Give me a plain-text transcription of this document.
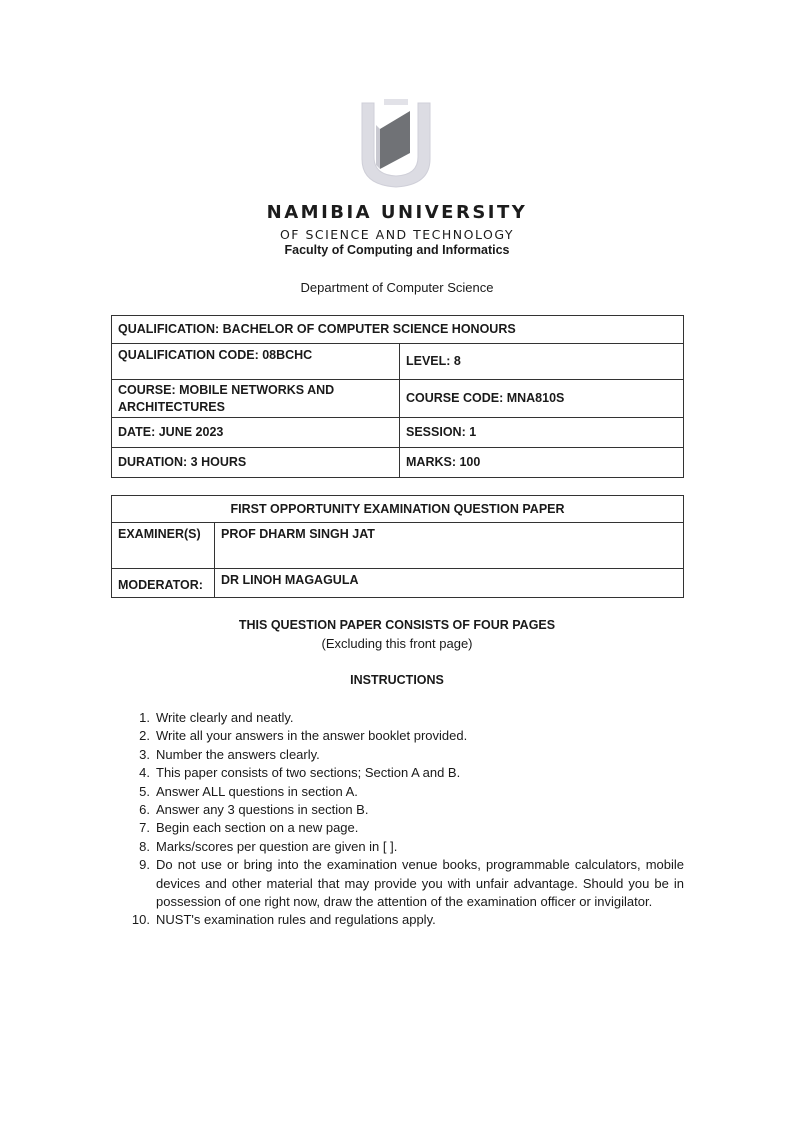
NAMIBIA UNIVERSITY
OF SCIENCE AND TECHNOLOGY
Faculty of Computing and Informatics
Department of Computer Science
QUALIFICATION: BACHELOR OF COMPUTER SCIENCE HONOURS	
QUALIFICATION CODE: 08BCHC	LEVEL: 8

COURSE: MOBILE NETWORKS AND
ARCHITECTURES	COURSE CODE: MNA810S
DATE: JUNE 2023	SESSION: 1
DURATION: 3 HOURS	MARKS: 100
FIRST OPPORTUNITY EXAMINATION QUESTION PAPER	
EXAMINER(S)	PROF DHARM SINGH JAT
MODERATOR:	DR LINOH MAGAGULA
THIS QUESTION PAPER CONSISTS OF FOUR PAGES
(Excluding this front page)
INSTRUCTIONS
1. Write clearly and neatly.
2. Write all your answers in the answer booklet provided.
3. Number the answers clearly.
4. This paper consists of two sections; Section A and B.
5. Answer ALL questions in section A.
6. Answer any 3 questions in section B.
7. Begin each section on a new page.
8. Marks/scores per question are given in [ ].
9. Do not use or bring into the examination venue books, programmable calculators, mobile devices and other material that may provide you with unfair advantage. Should you be in possession of one right now, draw the attention of the examination officer or invigilator.
10. NUST's examination rules and regulations apply.
